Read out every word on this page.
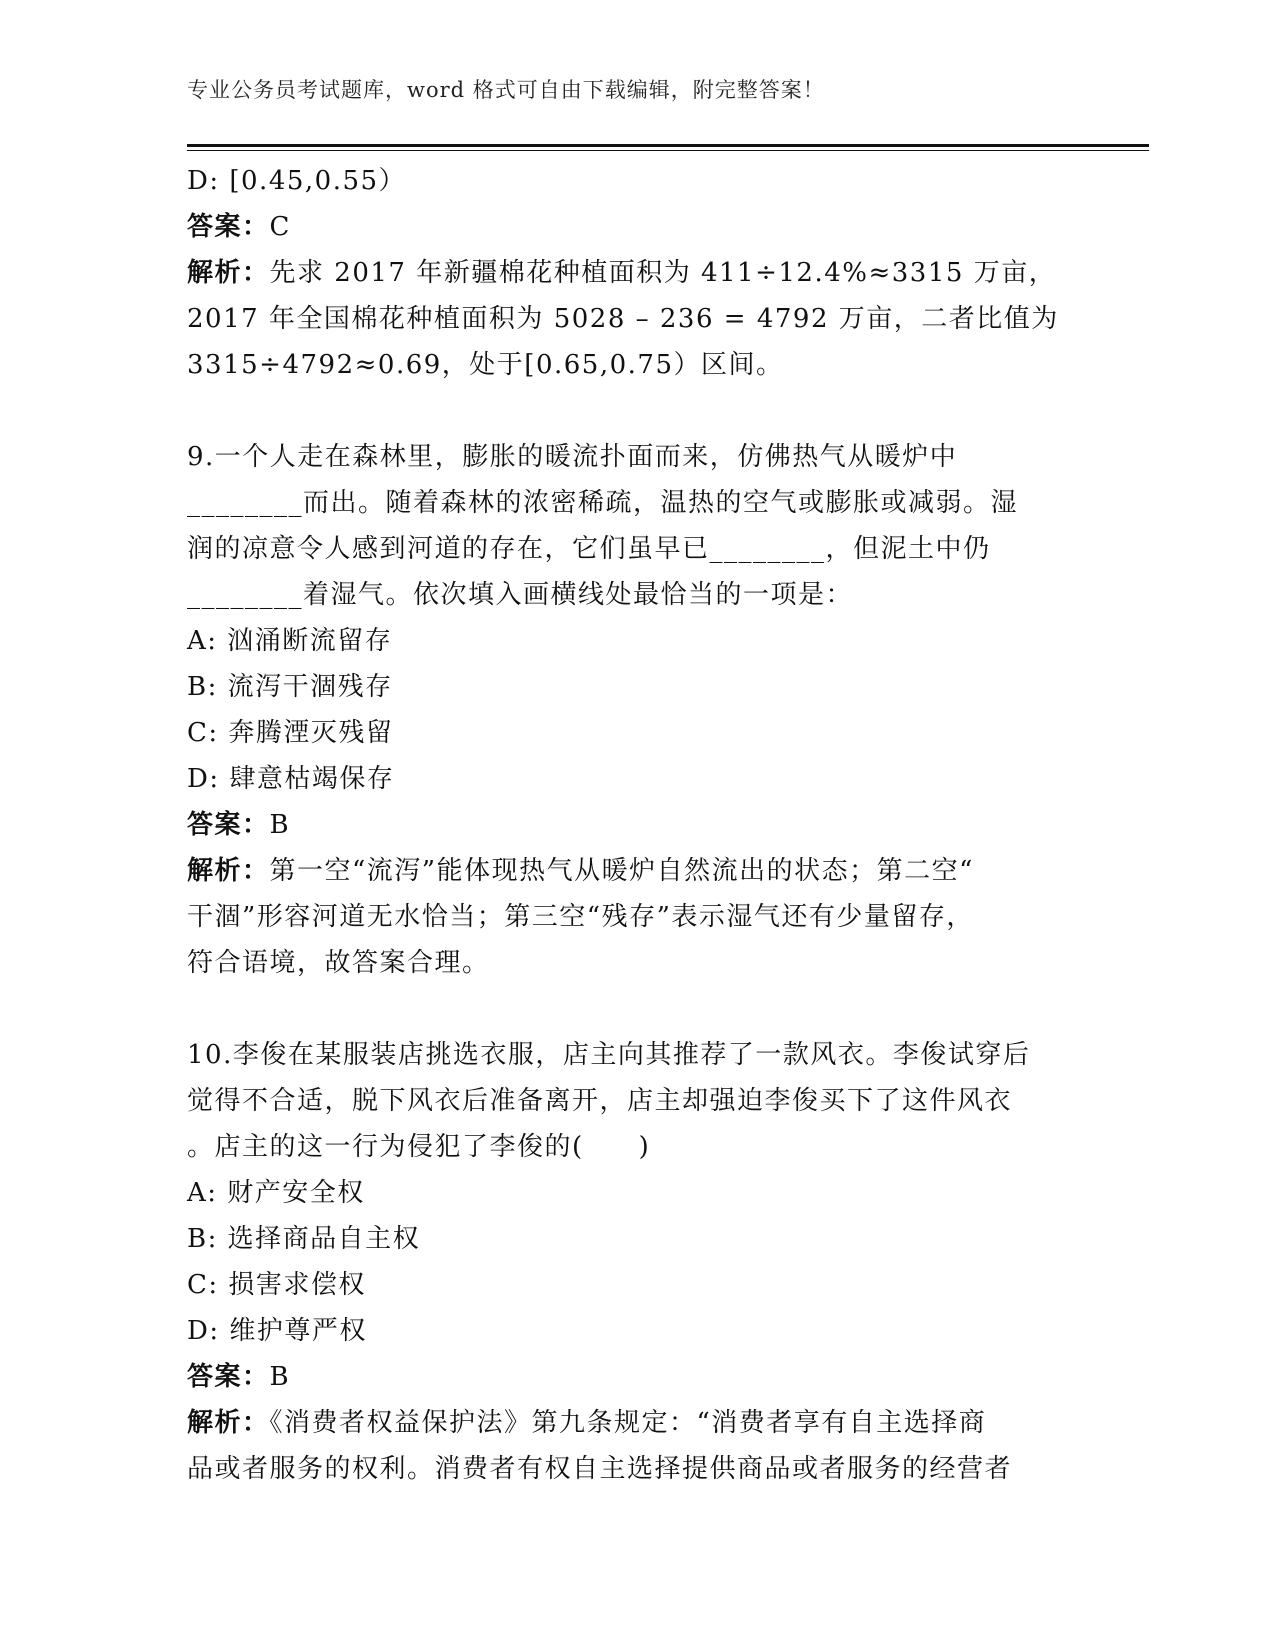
专业公务员考试题库，word 格式可自由下载编辑，附完整答案！
D: [0.45,0.55）
答案：C
解析：先求 2017 年新疆棉花种植面积为 411÷12.4%≈3315 万亩，
2017 年全国棉花种植面积为 5028 – 236 = 4792 万亩，二者比值为
3315÷4792≈0.69，处于[0.65,0.75）区间。
9.一个人走在森林里，膨胀的暖流扑面而来，仿佛热气从暖炉中
________而出。随着森林的浓密稀疏，温热的空气或膨胀或减弱。湿
润的凉意令人感到河道的存在，它们虽早已________，但泥土中仍
________着湿气。依次填入画横线处最恰当的一项是：
A: 汹涌断流留存
B: 流泻干涸残存
C: 奔腾湮灭残留
D: 肆意枯竭保存
答案：B
解析：第一空“流泻”能体现热气从暖炉自然流出的状态；第二空“
干涸”形容河道无水恰当；第三空“残存”表示湿气还有少量留存，
符合语境，故答案合理。
10.李俊在某服装店挑选衣服，店主向其推荐了一款风衣。李俊试穿后
觉得不合适，脱下风衣后准备离开，店主却强迫李俊买下了这件风衣
。店主的这一行为侵犯了李俊的(　　)
A: 财产安全权
B: 选择商品自主权
C: 损害求偿权
D: 维护尊严权
答案：B
解析：《消费者权益保护法》第九条规定：“消费者享有自主选择商
品或者服务的权利。消费者有权自主选择提供商品或者服务的经营者
